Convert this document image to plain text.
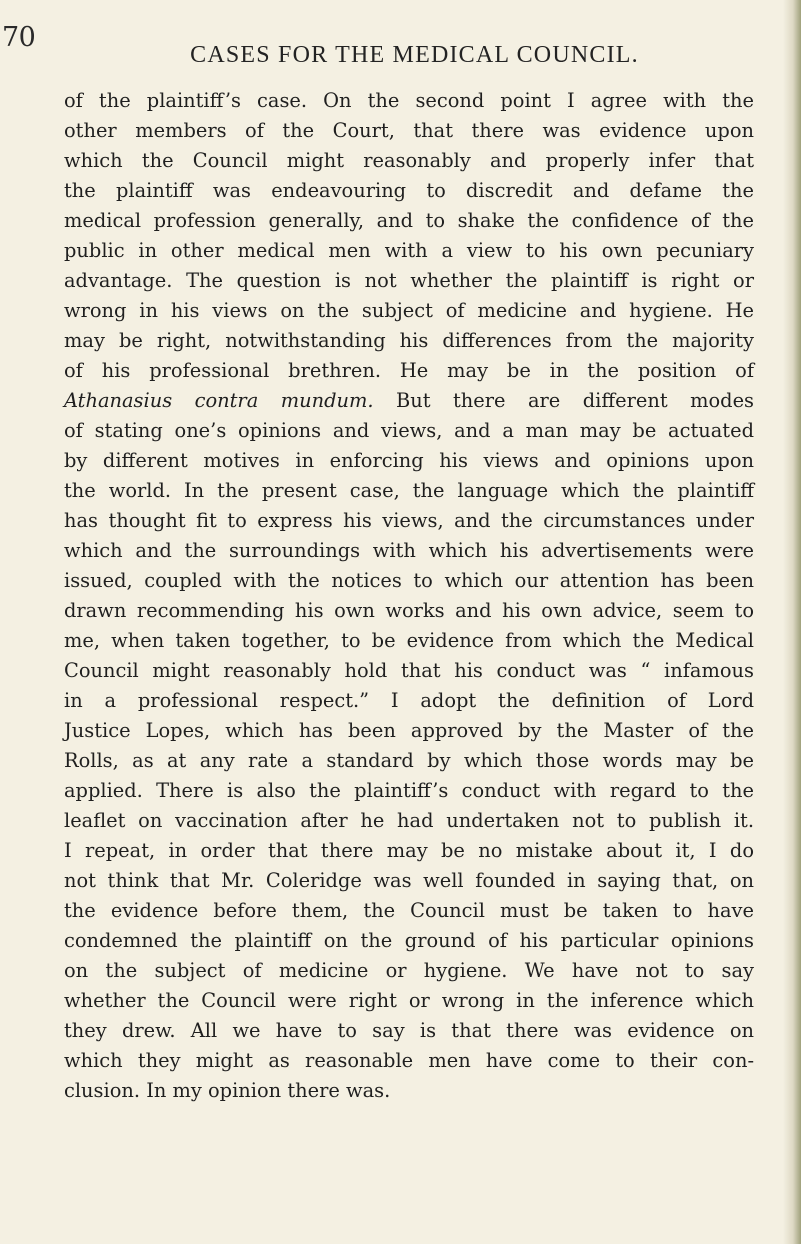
70

CASES FOR THE MEDICAL COUNCIL.

of the plaintiff’s case. On the second point I agree with the
other members of the Court, that there was evidence upon
which the Council might reasonably and properly infer that
the plaintiff was endeavouring to discredit and defame the
medical profession generally, and to shake the confidence of the
public in other medical men with a view to his own pecuniary
advantage. The question is not whether the plaintiff is right or
wrong in his views on the subject of medicine and hygiene. He
may be right, notwithstanding his differences from the majority
of his professional brethren. He may be in the position of
Athanasius contra mundum. But there are different modes
of stating one’s opinions and views, and a man may be actuated
by different motives in enforcing his views and opinions upon
the world. In the present case, the language which the plaintiff
has thought fit to express his views, and the circumstances under
which and the surroundings with which his advertisements were
issued, coupled with the notices to which our attention has been
drawn recommending his own works and his own advice, seem to
me, when taken together, to be evidence from which the Medical
Council might reasonably hold that his conduct was “ infamous
in a professional respect.” I adopt the definition of Lord
Justice Lopes, which has been approved by the Master of the
Rolls, as at any rate a standard by which those words may be
applied. There is also the plaintiff’s conduct with regard to the
leaflet on vaccination after he had undertaken not to publish it.
I repeat, in order that there may be no mistake about it, I do
not think that Mr. Coleridge was well founded in saying that, on
the evidence before them, the Council must be taken to have
condemned the plaintiff on the ground of his particular opinions
on the subject of medicine or hygiene. We have not to say
whether the Council were right or wrong in the inference which
they drew. All we have to say is that there was evidence on
which they might as reasonable men have come to their con-
clusion. In my opinion there was.
